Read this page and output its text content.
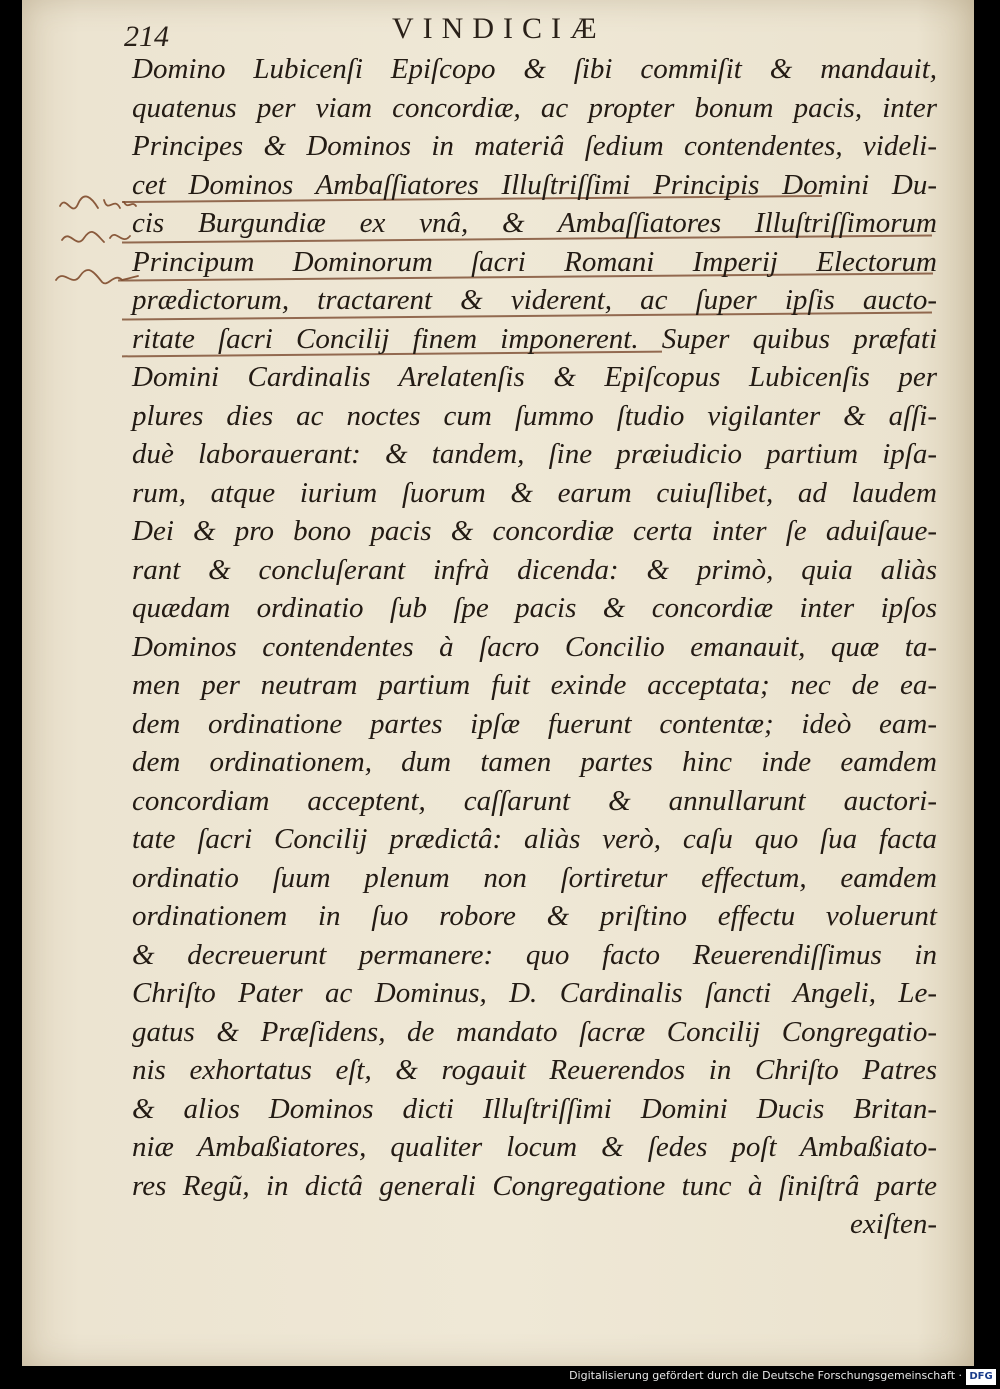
214	VINDICIÆ
Domino Lubicenſi Epiſcopo & ſibi commiſit & mandauit,
quatenus per viam concordiæ, ac propter bonum pacis, inter
Principes & Dominos in materiâ ſedium contendentes, videli-
cet Dominos Ambaſſiatores Illuſtriſſimi Principis Domini Du-
cis Burgundiæ ex vnâ, & Ambaſſiatores Illuſtriſſimorum
Principum Dominorum ſacri Romani Imperij Electorum
prædictorum, tractarent & viderent, ac ſuper ipſis aucto-
ritate ſacri Concilij finem imponerent. Super quibus præfati
Domini Cardinalis Arelatenſis & Epiſcopus Lubicenſis per
plures dies ac noctes cum ſummo ſtudio vigilanter & aſſi-
duè laborauerant: & tandem, ſine præiudicio partium ipſa-
rum, atque iurium ſuorum & earum cuiuſlibet, ad laudem
Dei & pro bono pacis & concordiæ certa inter ſe aduiſaue-
rant & concluſerant infrà dicenda: & primò, quia aliàs
quædam ordinatio ſub ſpe pacis & concordiæ inter ipſos
Dominos contendentes à ſacro Concilio emanauit, quæ ta-
men per neutram partium fuit exinde acceptata; nec de ea-
dem ordinatione partes ipſæ fuerunt contentæ; ideò eam-
dem ordinationem, dum tamen partes hinc inde eamdem
concordiam acceptent, caſſarunt & annullarunt auctori-
tate ſacri Concilij prædictâ: aliàs verò, caſu quo ſua facta
ordinatio ſuum plenum non ſortiretur effectum, eamdem
ordinationem in ſuo robore & priſtino effectu voluerunt
& decreuerunt permanere: quo facto Reuerendiſſimus in
Chriſto Pater ac Dominus, D. Cardinalis ſancti Angeli, Le-
gatus & Præſidens, de mandato ſacræ Concilij Congregatio-
nis exhortatus eſt, & rogauit Reuerendos in Chriſto Patres
& alios Dominos dicti Illuſtriſſimi Domini Ducis Britan-
niæ Ambaßiatores, qualiter locum & ſedes poſt Ambaßiato-
res Regũ, in dictâ generali Congregatione tunc à ſiniſtrâ parte
exiſten-
Digitalisierung gefördert durch die Deutsche Forschungsgemeinschaft · DFG
